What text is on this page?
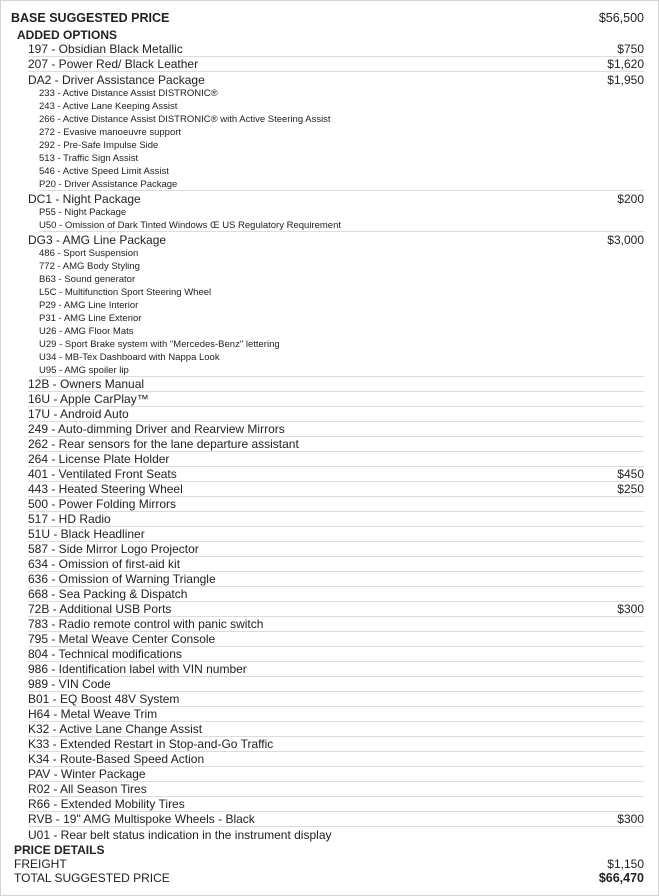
BASE SUGGESTED PRICE	$56,500
ADDED OPTIONS
197 - Obsidian Black Metallic	$750
207 - Power Red/ Black Leather	$1,620
DA2 - Driver Assistance Package	$1,950
233 - Active Distance Assist DISTRONIC®
243 - Active Lane Keeping Assist
266 - Active Distance Assist DISTRONIC® with Active Steering Assist
272 - Evasive manoeuvre support
292 - Pre-Safe Impulse Side
513 - Traffic Sign Assist
546 - Active Speed Limit Assist
P20 - Driver Assistance Package
DC1 - Night Package	$200
P55 - Night Package
U50 - Omission of Dark Tinted Windows Œ US Regulatory Requirement
DG3 - AMG Line Package	$3,000
486 - Sport Suspension
772 - AMG Body Styling
B63 - Sound generator
L5C - Multifunction Sport Steering Wheel
P29 - AMG Line Interior
P31 - AMG Line Exterior
U26 - AMG Floor Mats
U29 - Sport Brake system with "Mercedes-Benz" lettering
U34 - MB-Tex Dashboard with Nappa Look
U95 - AMG spoiler lip
12B - Owners Manual
16U - Apple CarPlay™
17U - Android Auto
249 - Auto-dimming Driver and Rearview Mirrors
262 - Rear sensors for the lane departure assistant
264 - License Plate Holder
401 - Ventilated Front Seats	$450
443 - Heated Steering Wheel	$250
500 - Power Folding Mirrors
517 - HD Radio
51U - Black Headliner
587 - Side Mirror Logo Projector
634 - Omission of first-aid kit
636 - Omission of Warning Triangle
668 - Sea Packing & Dispatch
72B - Additional USB Ports	$300
783 - Radio remote control with panic switch
795 - Metal Weave Center Console
804 - Technical modifications
986 - Identification label with VIN number
989 - VIN Code
B01 - EQ Boost 48V System
H64 - Metal Weave Trim
K32 - Active Lane Change Assist
K33 - Extended Restart in Stop-and-Go Traffic
K34 - Route-Based Speed Action
PAV - Winter Package
R02 - All Season Tires
R66 - Extended Mobility Tires
RVB - 19" AMG Multispoke Wheels - Black	$300
U01 - Rear belt status indication in the instrument display
PRICE DETAILS
FREIGHT	$1,150
TOTAL SUGGESTED PRICE	$66,470
